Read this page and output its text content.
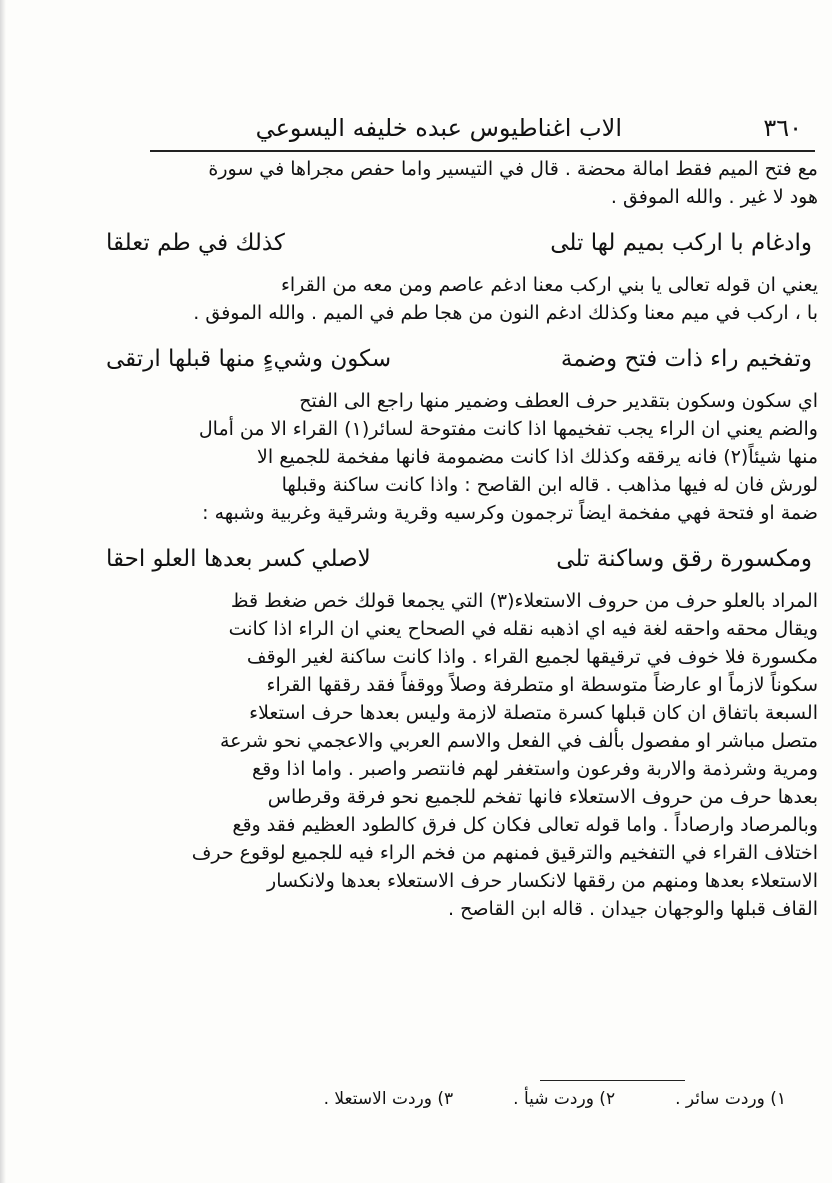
٣٦٠
الاب اغناطيوس عبده خليفه اليسوعي
مع فتح الميم فقط امالة محضة . قال في التيسير واما حفص مجراها في سورة
هود لا غير . والله الموفق .
وادغام با اركب بميم لها تلى
كذلك في طم تعلقا
يعني ان قوله تعالى يا بني اركب معنا ادغم عاصم ومن معه من القراء
با ، اركب في ميم معنا وكذلك ادغم النون من هجا طم في الميم . والله الموفق .
وتفخيم راء ذات فتح وضمة
سكون وشيءٍ منها قبلها ارتقى
اي سكون وسكون بتقدير حرف العطف وضمير منها راجع الى الفتح
والضم يعني ان الراء يجب تفخيمها اذا كانت مفتوحة لسائر(١) القراء الا من أمال
منها شيئاً(٢) فانه يرققه وكذلك اذا كانت مضمومة فانها مفخمة للجميع الا
لورش فان له فيها مذاهب . قاله ابن القاصح : واذا كانت ساكنة وقبلها
ضمة او فتحة فهي مفخمة ايضاً ترجمون وكرسيه وقرية وشرقية وغربية وشبهه :
ومكسورة رقق وساكنة تلى
لاصلي كسر بعدها العلو احقا
المراد بالعلو حرف من حروف الاستعلاء(٣) التي يجمعا قولك خص ضغط قظ
ويقال محقه واحقه لغة فيه اي اذهبه نقله في الصحاح يعني ان الراء اذا كانت
مكسورة فلا خوف في ترقيقها لجميع القراء . واذا كانت ساكنة لغير الوقف
سكوناً لازماً او عارضاً متوسطة او متطرفة وصلاً ووقفاً فقد رققها القراء
السبعة باتفاق ان كان قبلها كسرة متصلة لازمة وليس بعدها حرف استعلاء
متصل مباشر او مفصول بألف في الفعل والاسم العربي والاعجمي نحو شرعة
ومرية وشرذمة والاربة وفرعون واستغفر لهم فانتصر واصبر . واما اذا وقع
بعدها حرف من حروف الاستعلاء فانها تفخم للجميع نحو فرقة وقرطاس
وبالمرصاد وارصاداً . واما قوله تعالى فكان كل فرق كالطود العظيم فقد وقع
اختلاف القراء في التفخيم والترقيق فمنهم من فخم الراء فيه للجميع لوقوع حرف
الاستعلاء بعدها ومنهم من رققها لانكسار حرف الاستعلاء بعدها ولانكسار
القاف قبلها والوجهان جيدان . قاله ابن القاصح .
١) وردت سائر .
٢) وردت شيأ .
٣) وردت الاستعلا .
